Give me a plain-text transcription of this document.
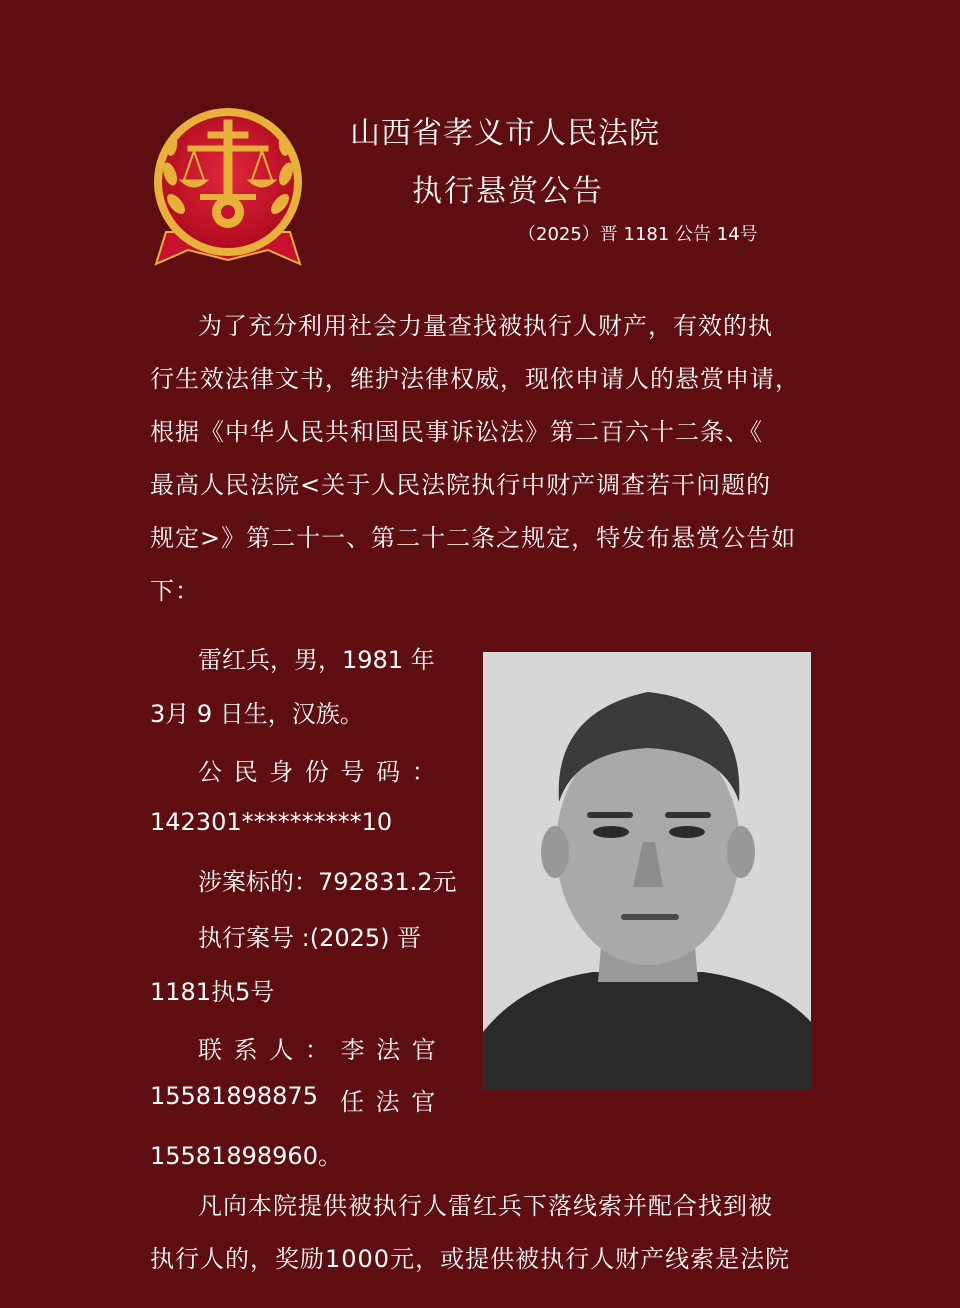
山西省孝义市人民法院
执行悬赏公告
（2025）晋 1181 公告 14号
为了充分利用社会力量查找被执行人财产，有效的执
行生效法律文书，维护法律权威，现依申请人的悬赏申请，
根据《中华人民共和国民事诉讼法》第二百六十二条、《
最高人民法院<关于人民法院执行中财产调查若干问题的
规定>》第二十一、第二十二条之规定，特发布悬赏公告如
下：
雷红兵，男，1981 年
3月 9 日生，汉族。
公 民 身 份 号 码 ：
142301**********10
涉案标的：792831.2元
执行案号 :(2025) 晋
1181执5号
联 系 人 ： 李 法 官
15581898875 任 法 官
15581898960。
凡向本院提供被执行人雷红兵下落线索并配合找到被
执行人的，奖励1000元，或提供被执行人财产线索是法院
